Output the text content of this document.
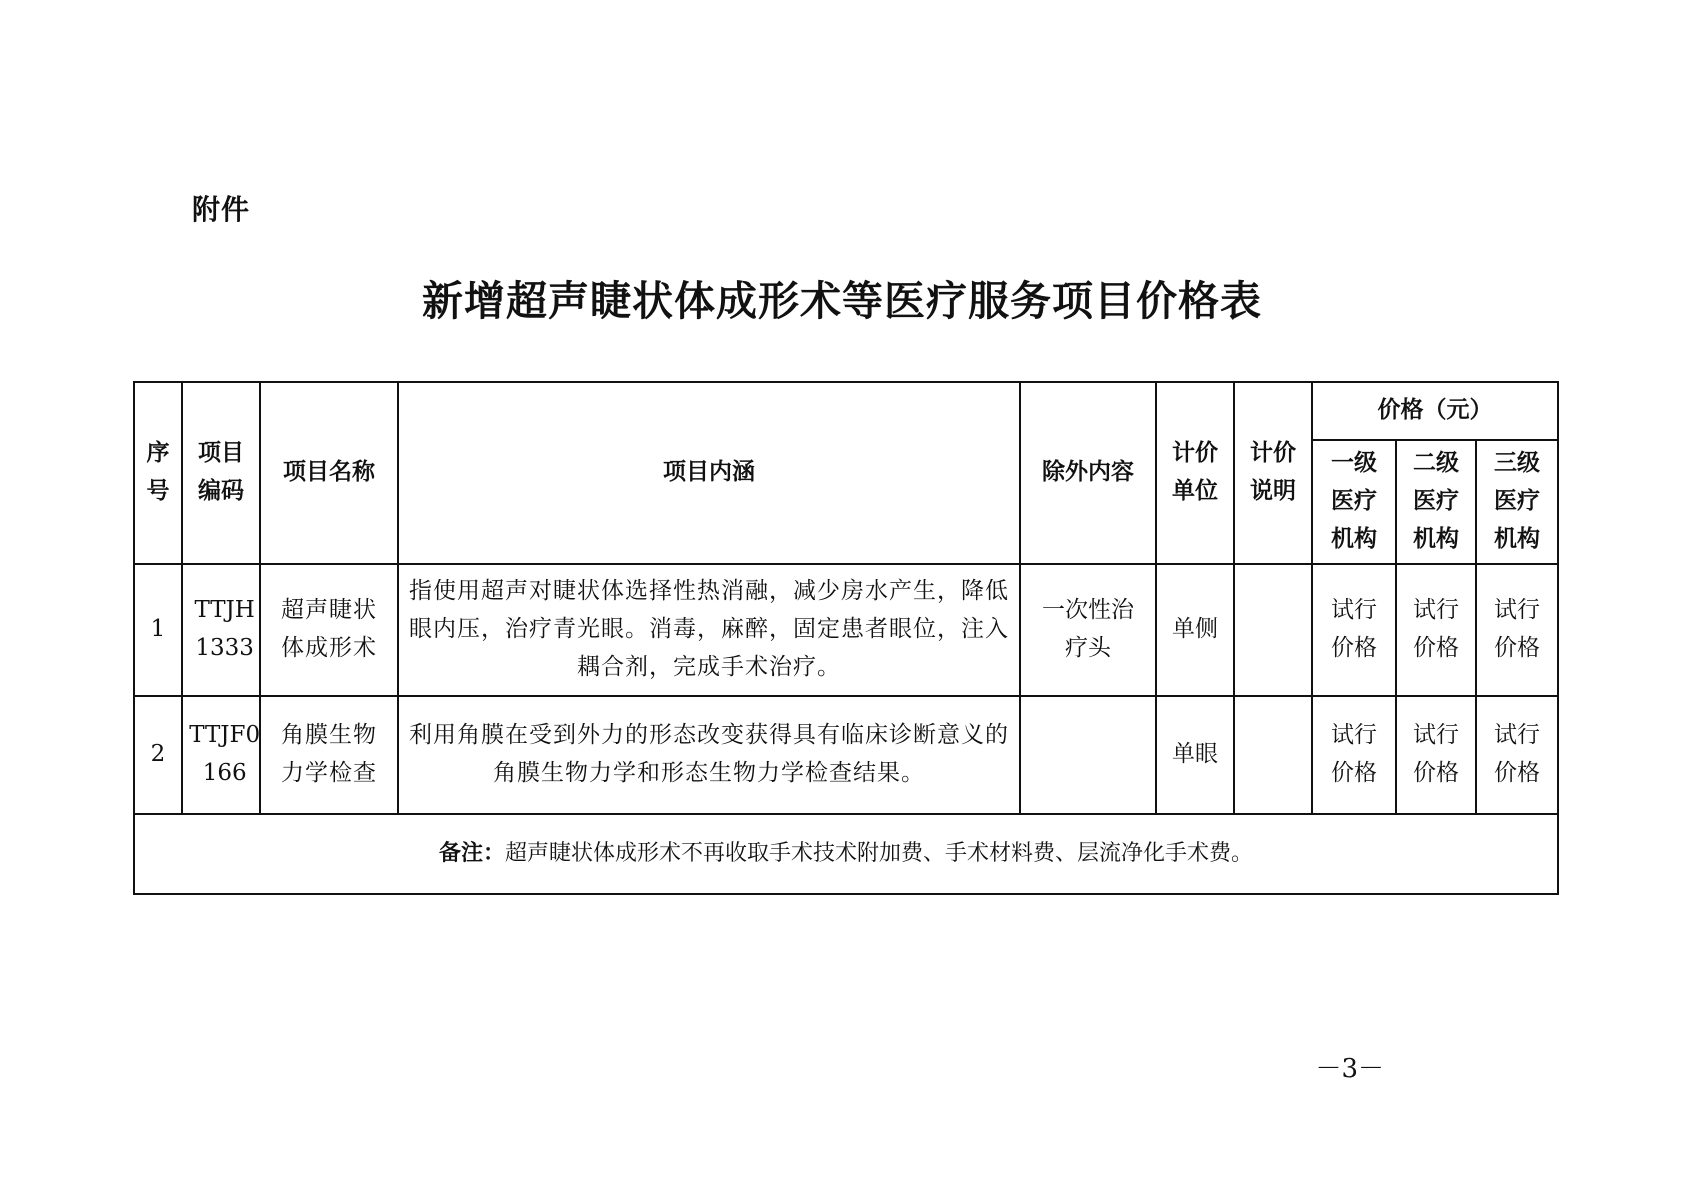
附件
新增超声睫状体成形术等医疗服务项目价格表
序号	项目编码	项目名称	项目内涵	除外内容	计价单位	计价说明	价格（元）		
							一级医疗机构	二级医疗机构	三级医疗机构
1	TTJH1333	超声睫状体成形术	指使用超声对睫状体选择性热消融，减少房水产生，降低眼内压，治疗青光眼。消毒，麻醉，固定患者眼位，注入耦合剂，完成手术治疗。	一次性治疗头	单侧		试行价格	试行价格	试行价格
2	TTJF0166	角膜生物力学检查	利用角膜在受到外力的形态改变获得具有临床诊断意义的角膜生物力学和形态生物力学检查结果。		单眼		试行价格	试行价格	试行价格
备注：超声睫状体成形术不再收取手术技术附加费、手术材料费、层流净化手术费。									
－3－
